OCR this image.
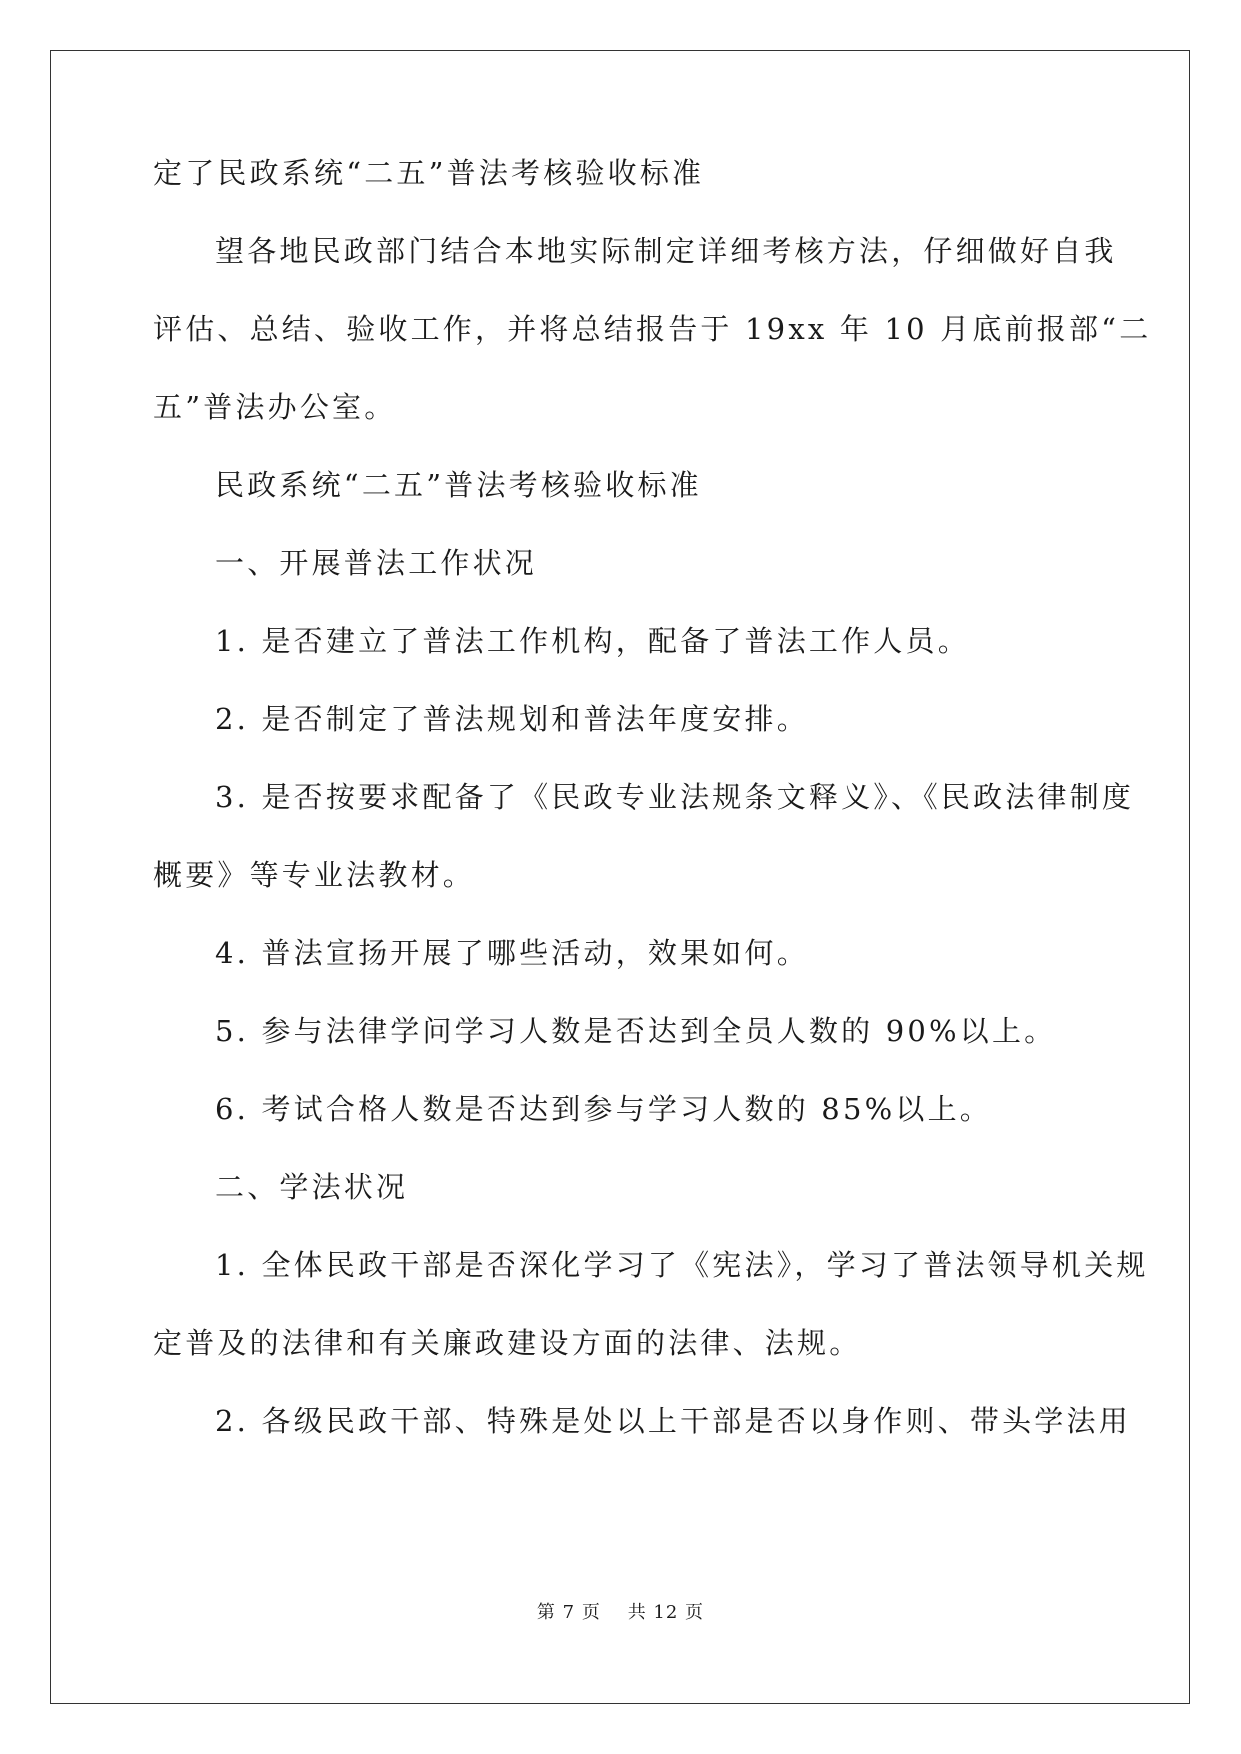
定了民政系统“二五”普法考核验收标准
望各地民政部门结合本地实际制定详细考核方法，仔细做好自我
评估、总结、验收工作，并将总结报告于 19xx 年 10 月底前报部“二
五”普法办公室。
民政系统“二五”普法考核验收标准
一、开展普法工作状况
1. 是否建立了普法工作机构，配备了普法工作人员。
2. 是否制定了普法规划和普法年度安排。
3. 是否按要求配备了《民政专业法规条文释义》、《民政法律制度
概要》等专业法教材。
4. 普法宣扬开展了哪些活动，效果如何。
5. 参与法律学问学习人数是否达到全员人数的 90%以上。
6. 考试合格人数是否达到参与学习人数的 85%以上。
二、学法状况
1. 全体民政干部是否深化学习了《宪法》，学习了普法领导机关规
定普及的法律和有关廉政建设方面的法律、法规。
2. 各级民政干部、特殊是处以上干部是否以身作则、带头学法用
第 7 页    共 12 页
